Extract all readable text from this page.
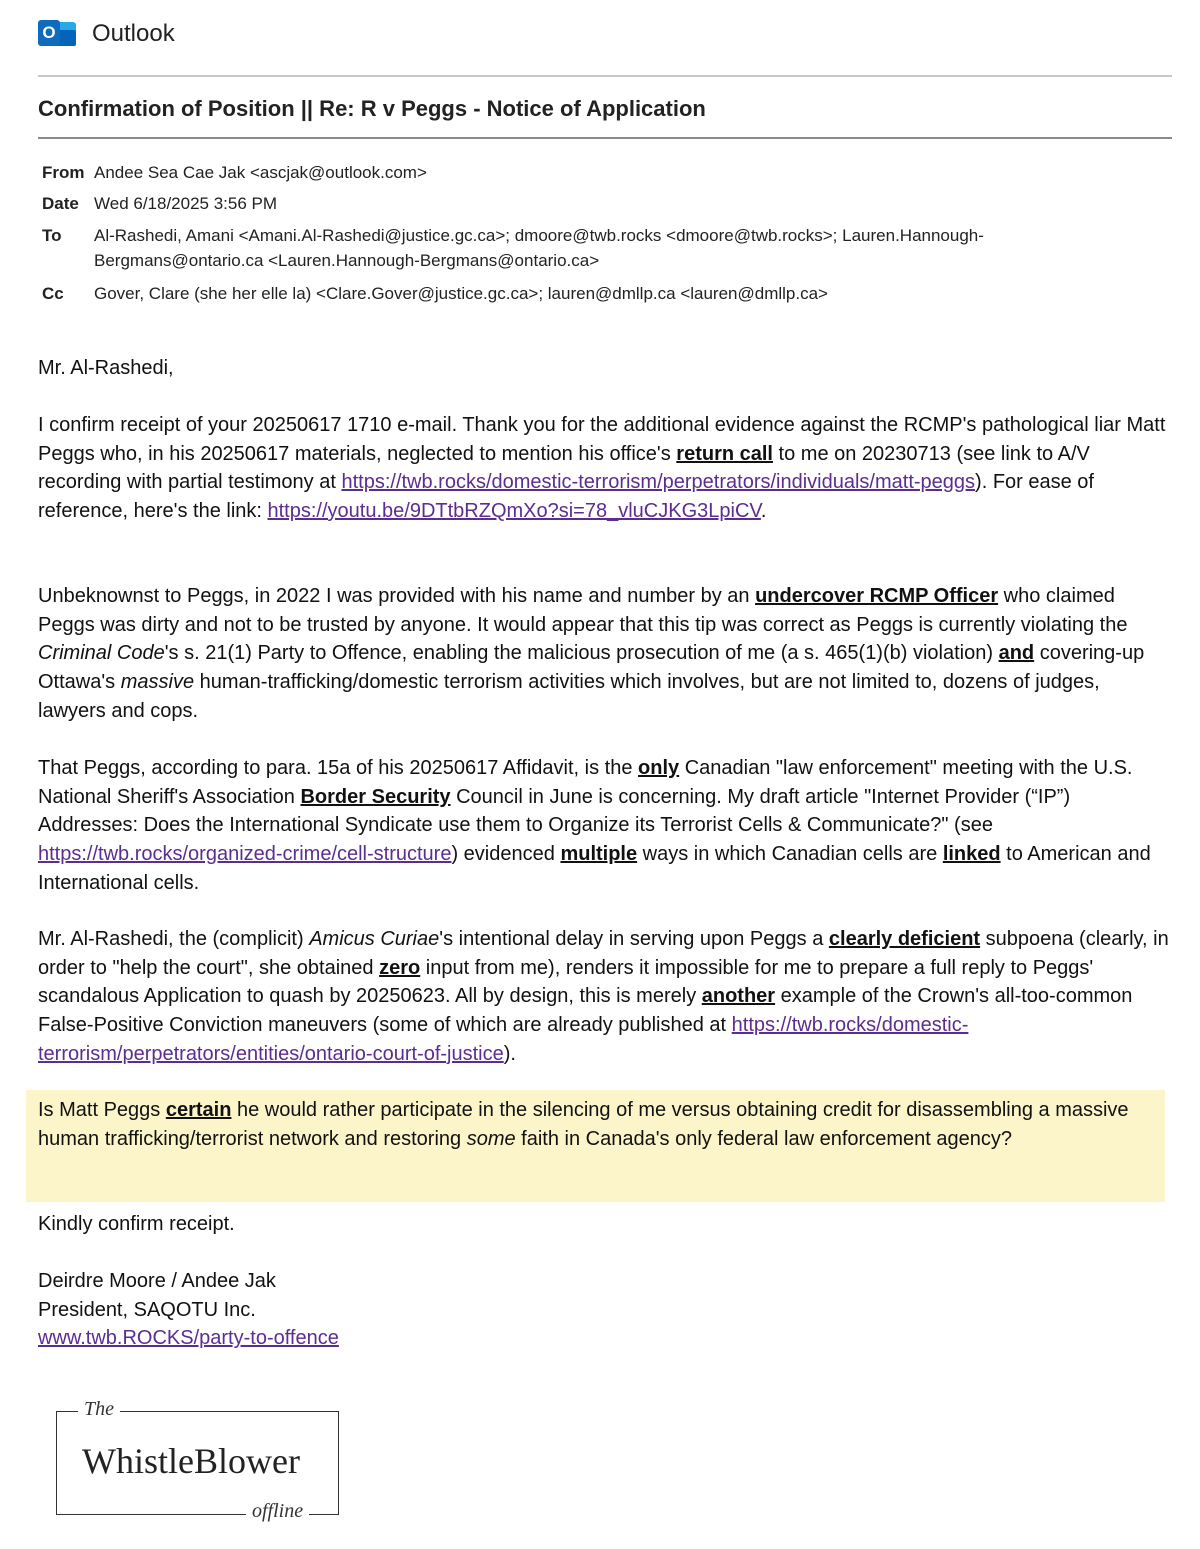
O Outlook
Confirmation of Position || Re: R v Peggs - Notice of Application
From Andee Sea Cae Jak <ascjak@outlook.com>
Date Wed 6/18/2025 3:56 PM
To	Al-Rashedi, Amani <Amani.Al-Rashedi@justice.gc.ca>; dmoore@twb.rocks <dmoore@twb.rocks>; Lauren.Hannough-
Bergmans@ontario.ca <Lauren.Hannough-Bergmans@ontario.ca>
Cc	Gover, Clare (she her elle la) <Clare.Gover@justice.gc.ca>; lauren@dmllp.ca <lauren@dmllp.ca>
Mr. Al-Rashedi,

I confirm receipt of your 20250617 1710 e-mail. Thank you for the additional evidence against the RCMP's pathological liar Matt Peggs who, in his 20250617 materials, neglected to mention his office's return call to me on 20230713 (see link to A/V recording with partial testimony at https://twb.rocks/domestic-terrorism/perpetrators/individuals/matt-peggs). For ease of reference, here's the link: https://youtu.be/9DTtbRZQmXo?si=78_vluCJKG3LpiCV.

Unbeknownst to Peggs, in 2022 I was provided with his name and number by an undercover RCMP Officer who claimed Peggs was dirty and not to be trusted by anyone. It would appear that this tip was correct as Peggs is currently violating the Criminal Code's s. 21(1) Party to Offence, enabling the malicious prosecution of me (a s. 465(1)(b) violation) and covering-up Ottawa's massive human-trafficking/domestic terrorism activities which involves, but are not limited to, dozens of judges, lawyers and cops.

That Peggs, according to para. 15a of his 20250617 Affidavit, is the only Canadian "law enforcement" meeting with the U.S. National Sheriff's Association Border Security Council in June is concerning. My draft article "Internet Provider (“IP”) Addresses: Does the International Syndicate use them to Organize its Terrorist Cells & Communicate?" (see https://twb.rocks/organized-crime/cell-structure) evidenced multiple ways in which Canadian cells are linked to American and International cells.

Mr. Al-Rashedi, the (complicit) Amicus Curiae's intentional delay in serving upon Peggs a clearly deficient subpoena (clearly, in order to "help the court", she obtained zero input from me), renders it impossible for me to prepare a full reply to Peggs' scandalous Application to quash by 20250623. All by design, this is merely another example of the Crown's all-too-common False-Positive Conviction maneuvers (some of which are already published at https://twb.rocks/domestic-terrorism/perpetrators/entities/ontario-court-of-justice).

Is Matt Peggs certain he would rather participate in the silencing of me versus obtaining credit for disassembling a massive human trafficking/terrorist network and restoring some faith in Canada's only federal law enforcement agency?

Kindly confirm receipt.

Deirdre Moore / Andee Jak

President, SAQOTU Inc.

www.twb.ROCKS/party-to-offence

The
WhistleBlower
offline
